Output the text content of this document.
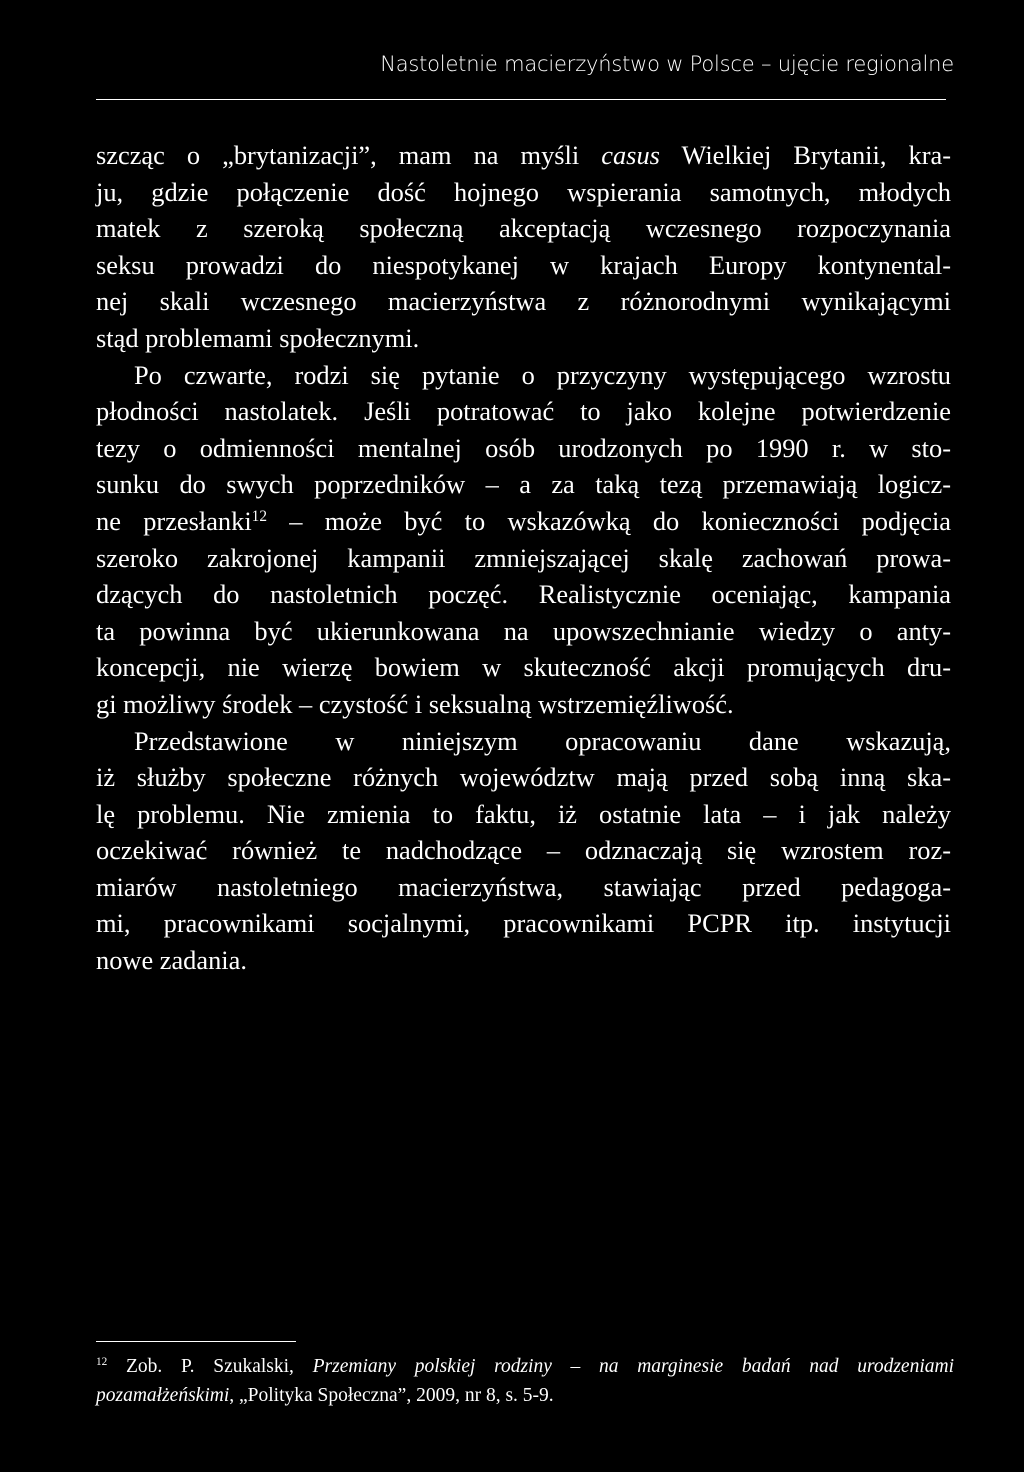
Nastoletnie macierzyństwo w Polsce – ujęcie regionalne

szcząc o „brytanizacji”, mam na myśli casus Wielkiej Brytanii, kra-
ju, gdzie połączenie dość hojnego wspierania samotnych, młodych
matek z szeroką społeczną akceptacją wczesnego rozpoczynania
seksu prowadzi do niespotykanej w krajach Europy kontynental-
nej skali wczesnego macierzyństwa z różnorodnymi wynikającymi
stąd problemami społecznymi.

Po czwarte, rodzi się pytanie o przyczyny występującego wzrostu
płodności nastolatek. Jeśli potratować to jako kolejne potwierdzenie
tezy o odmienności mentalnej osób urodzonych po 1990 r. w sto-
sunku do swych poprzedników – a za taką tezą przemawiają logicz-
ne przesłanki$^{12}$ – może być to wskazówką do konieczności podjęcia
szeroko zakrojonej kampanii zmniejszającej skalę zachowań prowa-
dzących do nastoletnich poczęć. Realistycznie oceniając, kampania
ta powinna być ukierunkowana na upowszechnianie wiedzy o anty-
koncepcji, nie wierzę bowiem w skuteczność akcji promujących dru-
gi możliwy środek – czystość i seksualną wstrzemięźliwość.

Przedstawione w niniejszym opracowaniu dane wskazują,
iż służby społeczne różnych województw mają przed sobą inną ska-
lę problemu. Nie zmienia to faktu, iż ostatnie lata – i jak należy
oczekiwać również te nadchodzące – odznaczają się wzrostem roz-
miarów nastoletniego macierzyństwa, stawiając przed pedagoga-
mi, pracownikami socjalnymi, pracownikami PCPR itp. instytucji
nowe zadania.

$^{12}$ Zob. P. Szukalski, Przemiany polskiej rodziny – na marginesie badań nad urodzeniami
pozamałżeńskimi, „Polityka Społeczna”, 2009, nr 8, s. 5-9.
